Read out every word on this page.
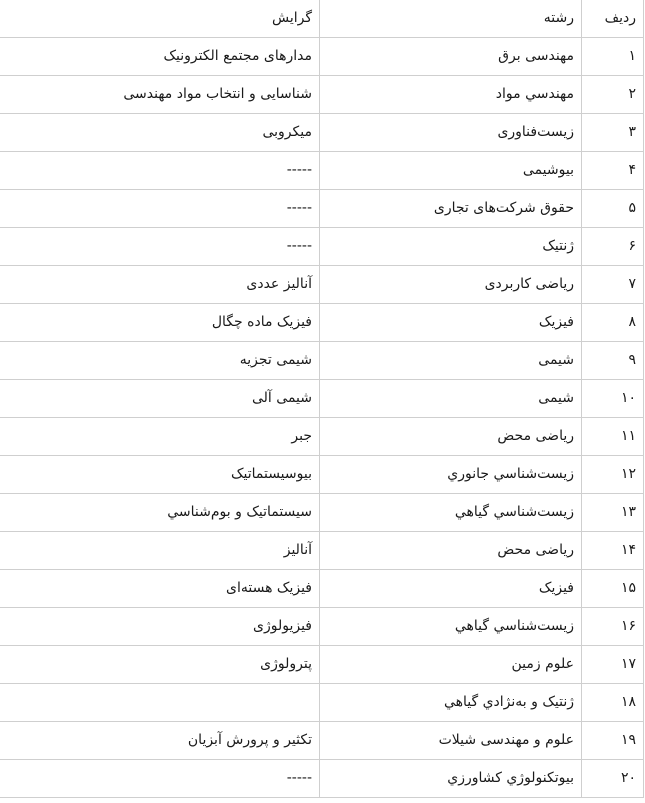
ردیف	رشته	گرایش
۱	مهندسی برق	مدارهای مجتمع الکترونیک
۲	مهندسي مواد	شناسایی و انتخاب مواد مهندسی
۳	زیست‌فناوری	میکروبی
۴	بیوشیمی	-----
۵	حقوق شرکت‌های تجاری	-----
۶	ژنتیک	-----
۷	ریاضی کاربردی	آنالیز عددی
۸	فیزیک	فیزیک ماده چگال
۹	شیمی	شیمی تجزیه
۱۰	شیمی	شیمی آلی
۱۱	ریاضی محض	جبر
۱۲	زیست‌شناسي جانوري	بیوسیستماتیک
۱۳	زیست‌شناسي گیاهي	سیستماتیک و بوم‌شناسي
۱۴	ریاضی محض	آنالیز
۱۵	فیزیک	فیزیک هسته‌ای
۱۶	زیست‌شناسي گیاهي	فیزیولوژی
۱۷	علوم زمین	پترولوژی
۱۸	ژنتیک و به‌نژادي گیاهي	
۱۹	علوم و مهندسی شیلات	تکثیر و پرورش آبزیان
۲۰	بیوتکنولوژي کشاورزي	-----
